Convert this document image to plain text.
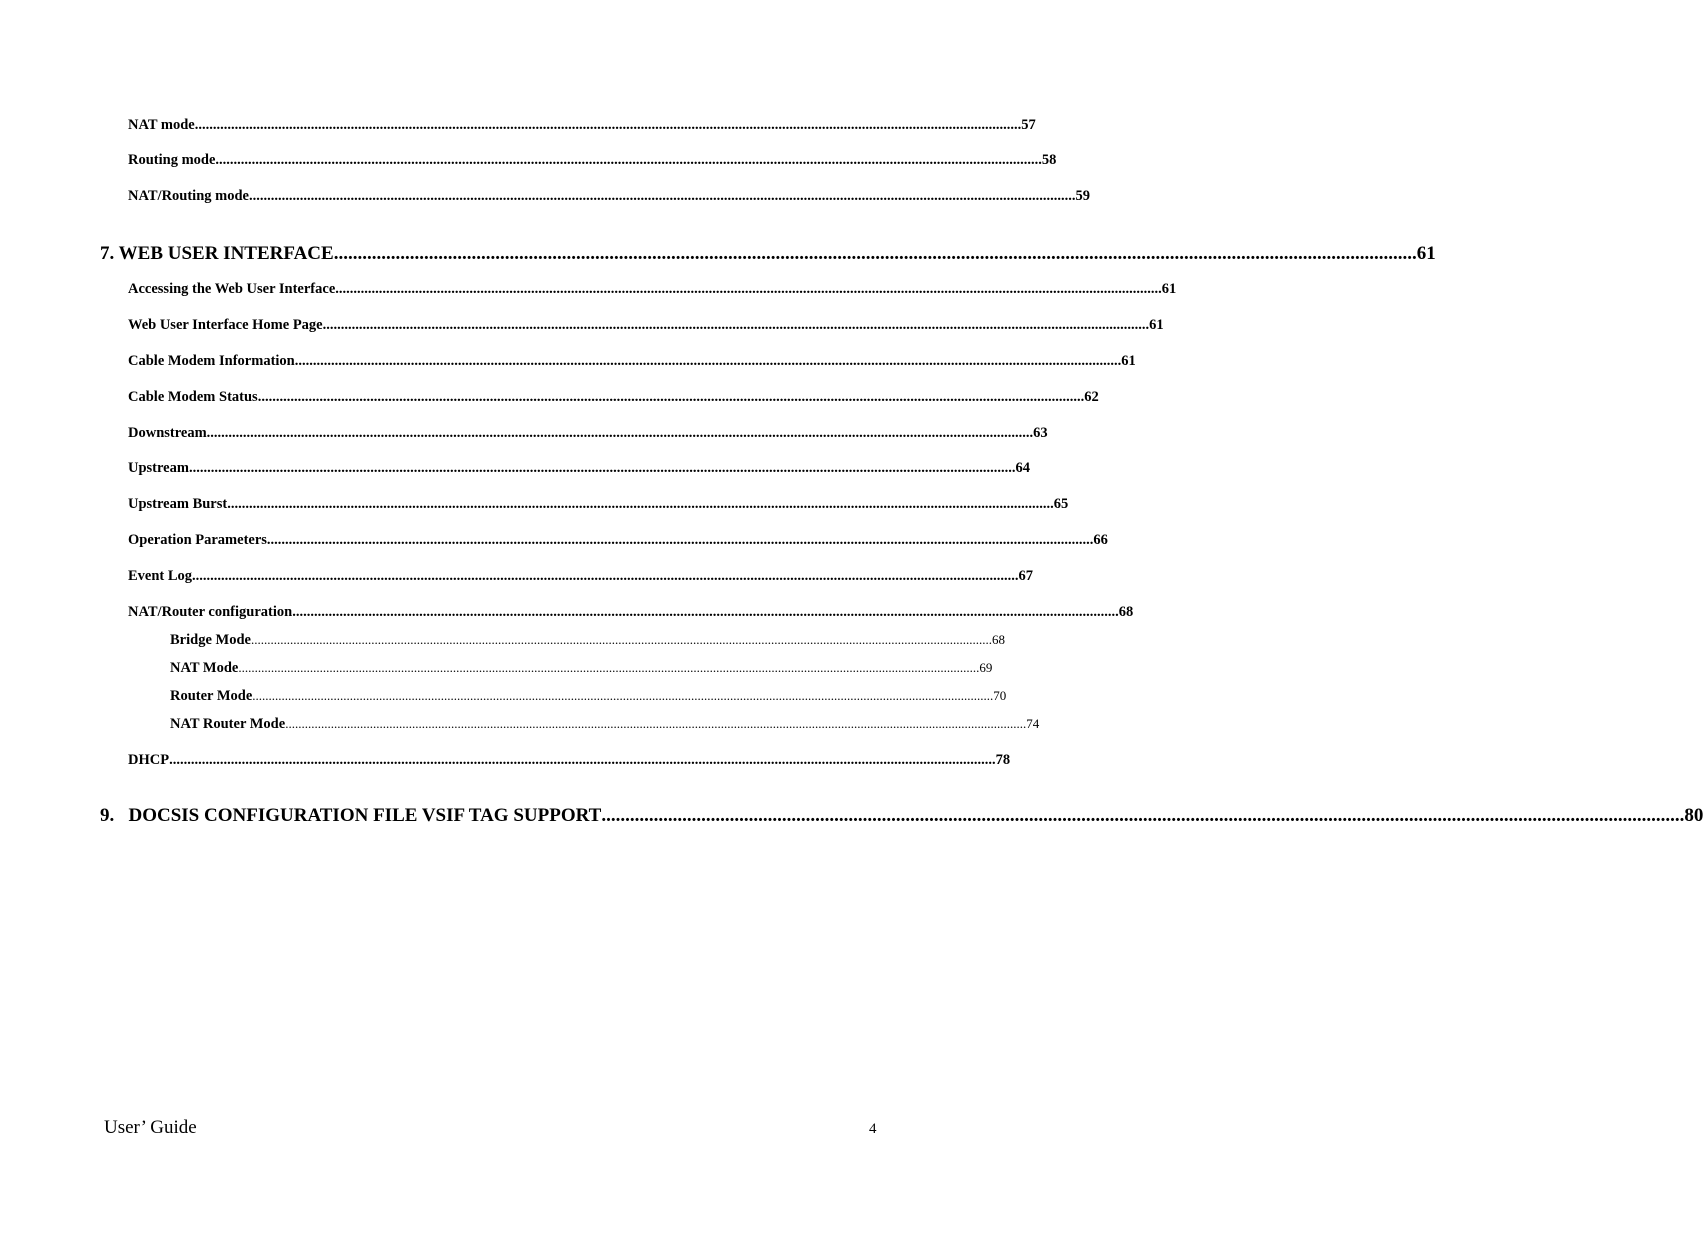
NAT mode .................................................................................................................................................................................................................................... 57
Routing mode .................................................................................................................................................................................................................................... 58
NAT/Routing mode .................................................................................................................................................................................................................................... 59
7. WEB USER INTERFACE .................................................................................................................................................................................................................................... 61
Accessing the Web User Interface .................................................................................................................................................................................................................................... 61
Web User Interface Home Page .................................................................................................................................................................................................................................... 61
Cable Modem Information .................................................................................................................................................................................................................................... 61
Cable Modem Status .................................................................................................................................................................................................................................... 62
Downstream .................................................................................................................................................................................................................................... 63
Upstream .................................................................................................................................................................................................................................... 64
Upstream Burst .................................................................................................................................................................................................................................... 65
Operation Parameters .................................................................................................................................................................................................................................... 66
Event Log .................................................................................................................................................................................................................................... 67
NAT/Router configuration .................................................................................................................................................................................................................................... 68
Bridge Mode .................................................................................................................................................................................................................................... 68
NAT Mode .................................................................................................................................................................................................................................... 69
Router Mode .................................................................................................................................................................................................................................... 70
NAT Router Mode .................................................................................................................................................................................................................................... 74
DHCP .................................................................................................................................................................................................................................... 78
9.   DOCSIS CONFIGURATION FILE VSIF TAG SUPPORT .................................................................................................................................................................................................................................... 80
User’ Guide	4
